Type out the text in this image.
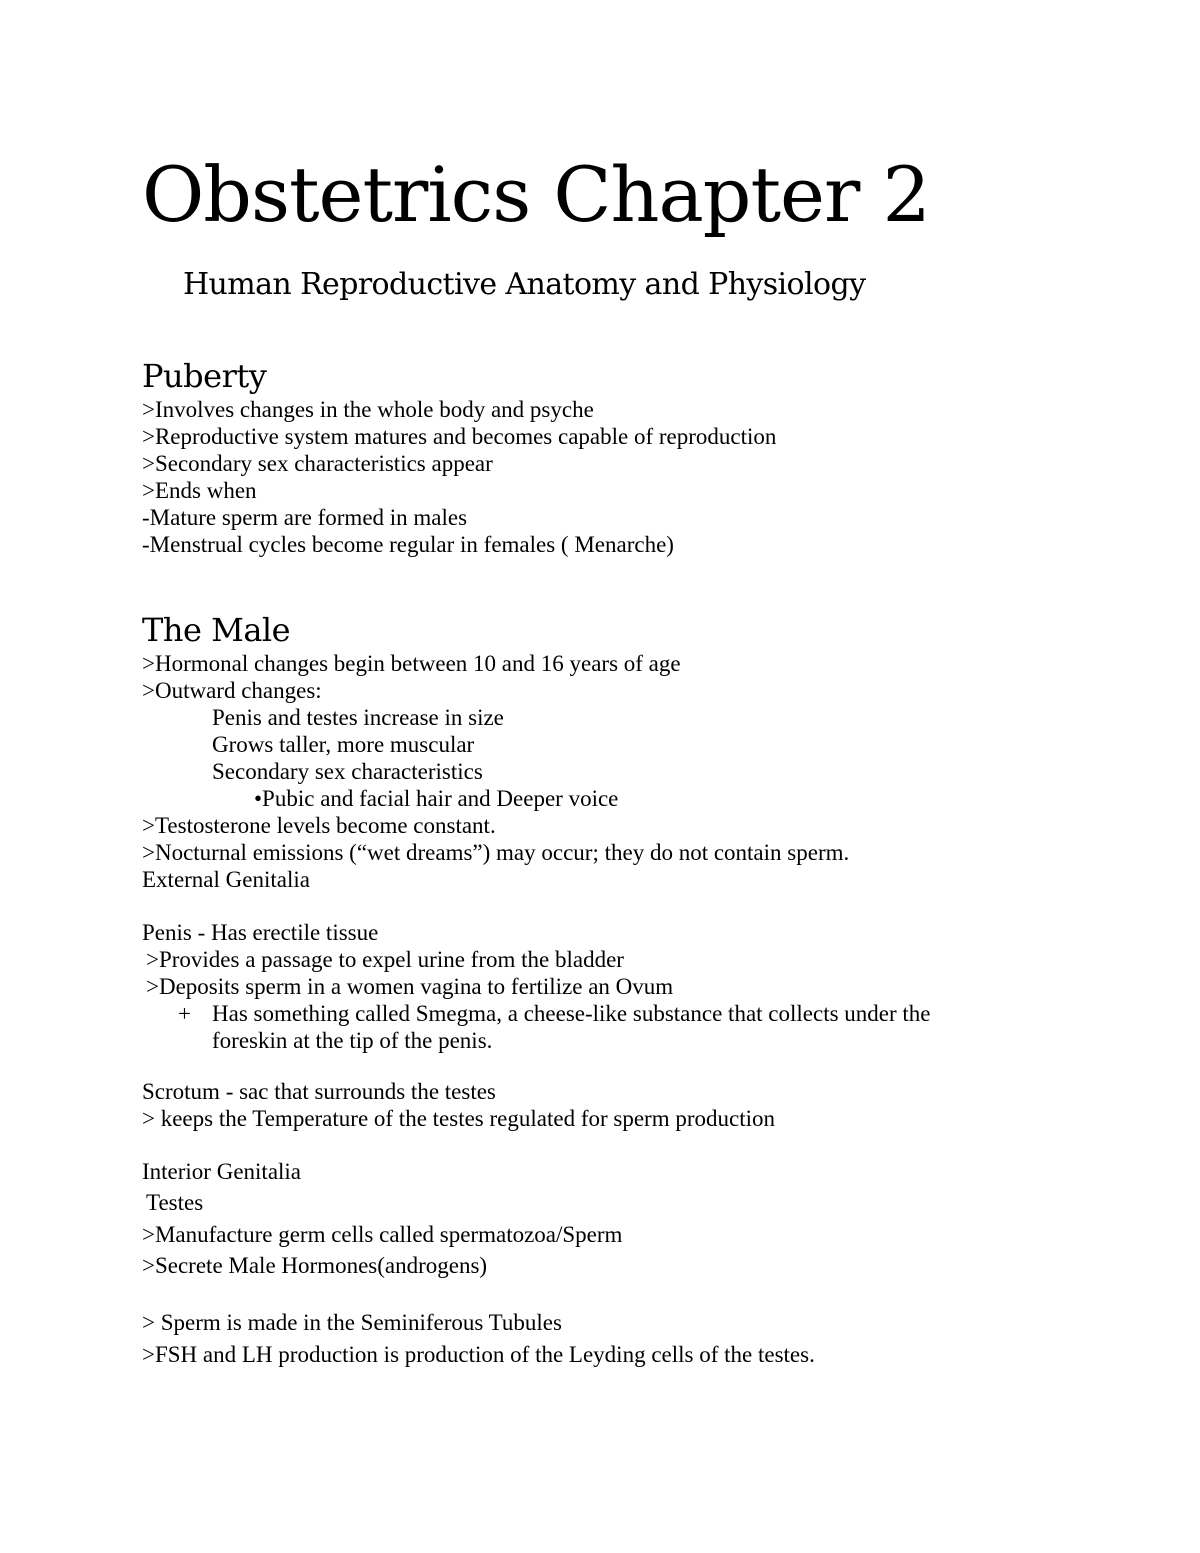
Obstetrics Chapter 2
Human Reproductive Anatomy and Physiology
Puberty
>Involves changes in the whole body and psyche
>Reproductive system matures and becomes capable of reproduction
>Secondary sex characteristics appear
>Ends when
-Mature sperm are formed in males
-Menstrual cycles become regular in females ( Menarche)
The Male
>Hormonal changes begin between 10 and 16 years of age
>Outward changes:
Penis and testes increase in size
Grows taller, more muscular
Secondary sex characteristics
•Pubic and facial hair and Deeper voice
>Testosterone levels become constant.
>Nocturnal emissions (“wet dreams”) may occur; they do not contain sperm.
External Genitalia
Penis - Has erectile tissue
>Provides a passage to expel urine from the bladder
>Deposits sperm in a women vagina to fertilize an Ovum
+ Has something called Smegma, a cheese-like substance that collects under the
foreskin at the tip of the penis.
Scrotum - sac that surrounds the testes
> keeps the Temperature of the testes regulated for sperm production
Interior Genitalia
Testes
>Manufacture germ cells called spermatozoa/Sperm
>Secrete Male Hormones(androgens)
> Sperm is made in the Seminiferous Tubules
>FSH and LH production is production of the Leyding cells of the testes.
